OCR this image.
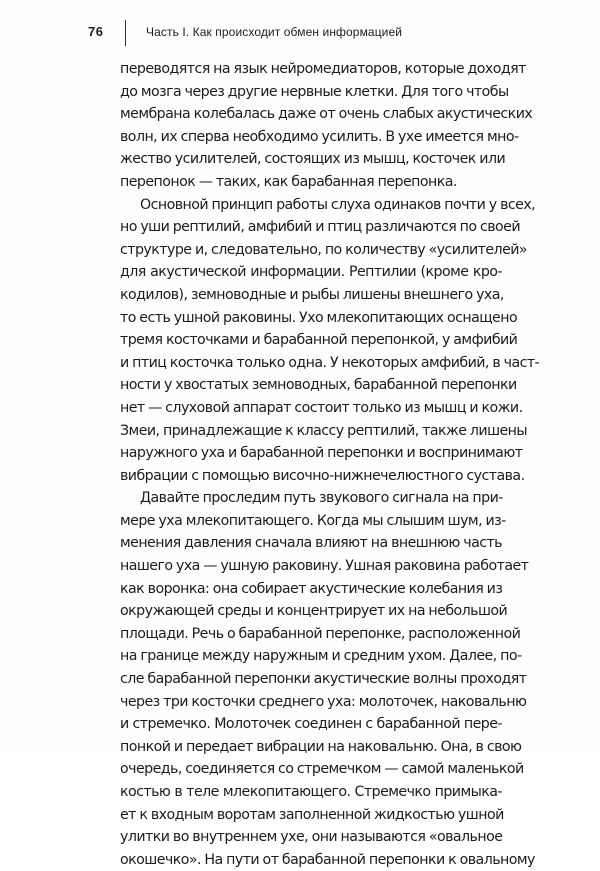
76	Часть I. Как происходит обмен информацией
переводятся на язык нейромедиаторов, которые доходят
до мозга через другие нервные клетки. Для того чтобы
мембрана колебалась даже от очень слабых акустических
волн, их сперва необходимо усилить. В ухе имеется мно-
жество усилителей, состоящих из мышц, косточек или
перепонок — таких, как барабанная перепонка.
Основной принцип работы слуха одинаков почти у всех,
но уши рептилий, амфибий и птиц различаются по своей
структуре и, следовательно, по количеству «усилителей»
для акустической информации. Рептилии (кроме кро-
кодилов), земноводные и рыбы лишены внешнего уха,
то есть ушной раковины. Ухо млекопитающих оснащено
тремя косточками и барабанной перепонкой, у амфибий
и птиц косточка только одна. У некоторых амфибий, в част-
ности у хвостатых земноводных, барабанной перепонки
нет — слуховой аппарат состоит только из мышц и кожи.
Змеи, принадлежащие к классу рептилий, также лишены
наружного уха и барабанной перепонки и воспринимают
вибрации с помощью височно-нижнечелюстного сустава.
Давайте проследим путь звукового сигнала на при-
мере уха млекопитающего. Когда мы слышим шум, из-
менения давления сначала влияют на внешнюю часть
нашего уха — ушную раковину. Ушная раковина работает
как воронка: она собирает акустические колебания из
окружающей среды и концентрирует их на небольшой
площади. Речь о барабанной перепонке, расположенной
на границе между наружным и средним ухом. Далее, по-
сле барабанной перепонки акустические волны проходят
через три косточки среднего уха: молоточек, наковальню
и стремечко. Молоточек соединен с барабанной пере-
понкой и передает вибрации на наковальню. Она, в свою
очередь, соединяется со стремечком — самой маленькой
костью в теле млекопитающего. Стремечко примыка-
ет к входным воротам заполненной жидкостью ушной
улитки во внутреннем ухе, они называются «овальное
окошечко». На пути от барабанной перепонки к овальному
